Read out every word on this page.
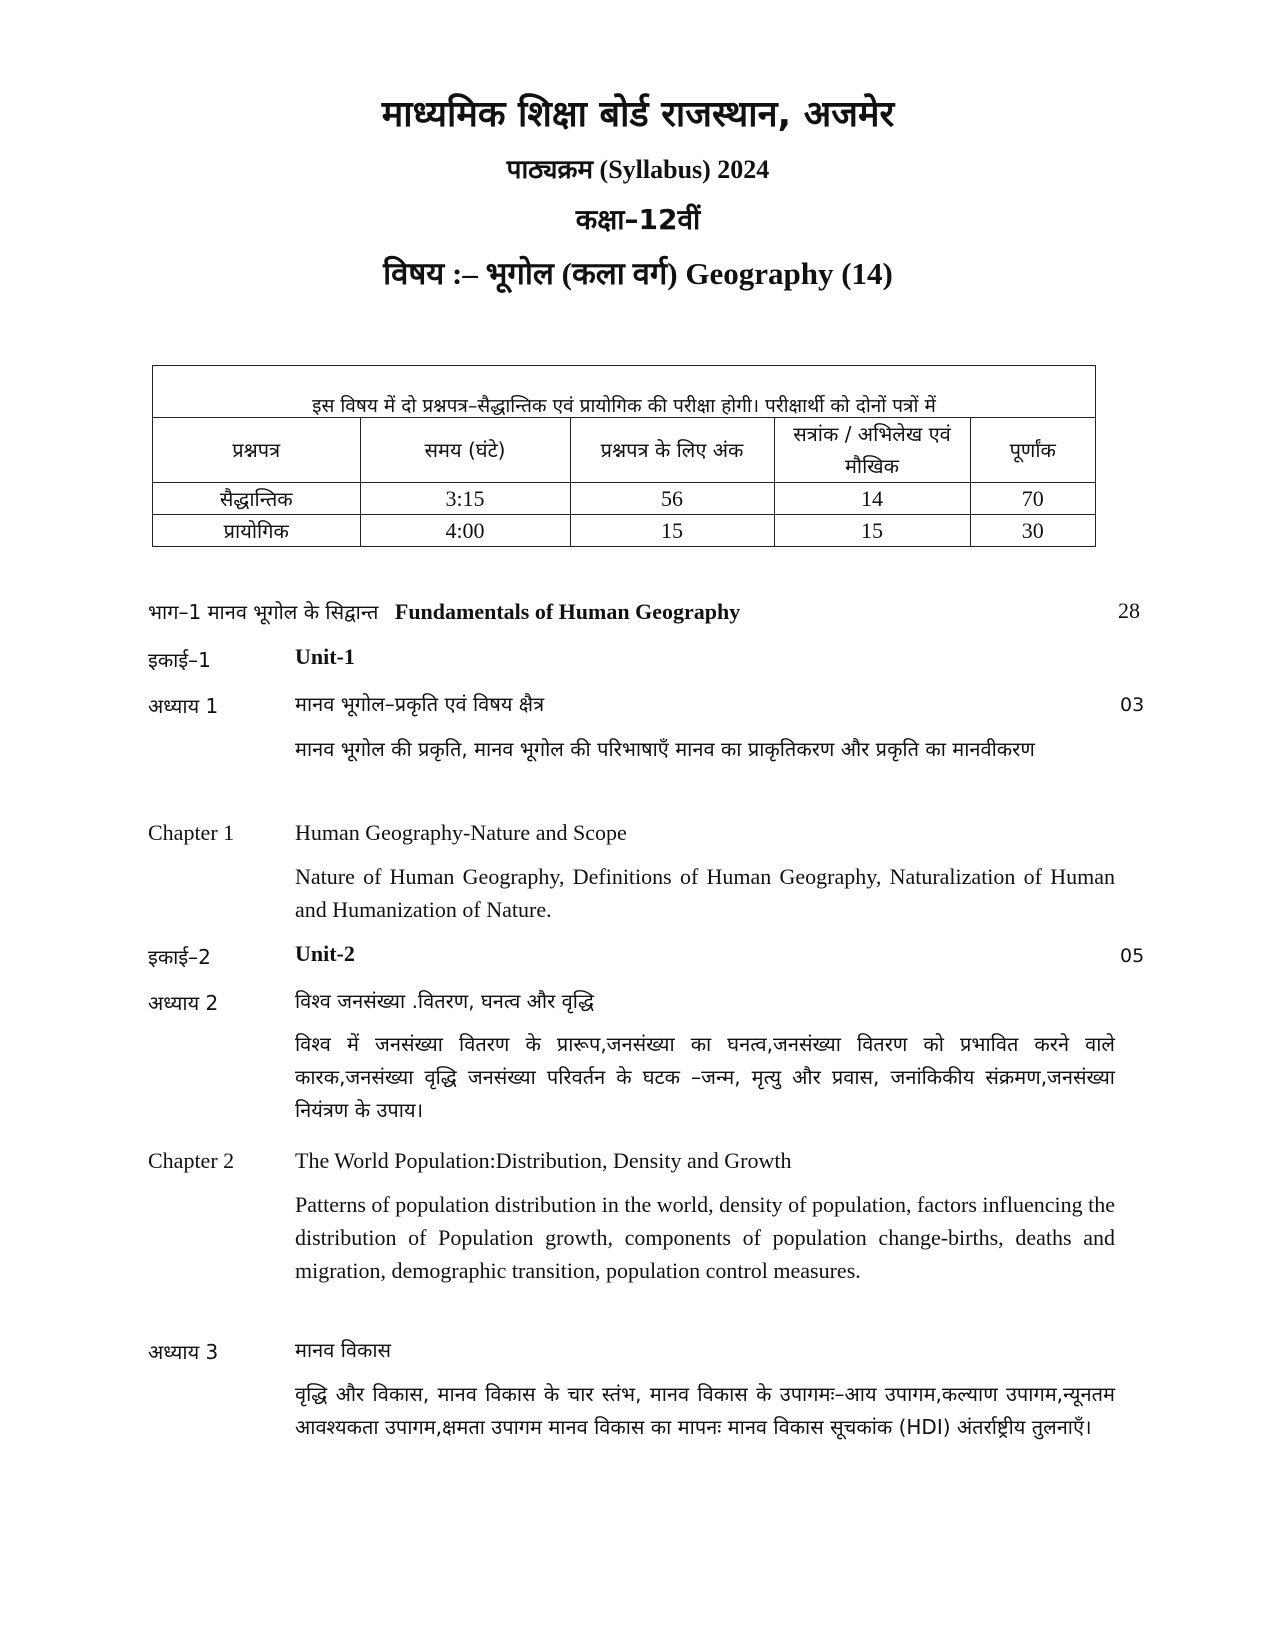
माध्यमिक शिक्षा बोर्ड राजस्थान, अजमेर
पाठ्यक्रम (Syllabus) 2024
कक्षा–12वीं
विषय :– भूगोल (कला वर्ग) Geography (14)
इस विषय में दो प्रश्नपत्र–सैद्धान्तिक एवं प्रायोगिक की परीक्षा होगी। परीक्षार्थी को दोनों पत्रों में
प्रश्नपत्र	समय (घंटे)	प्रश्नपत्र के लिए अंक	सत्रांक / अभिलेख एवं मौखिक	पूर्णांक
सैद्धान्तिक	3:15	56	14	70
प्रायोगिक	4:00	15	15	30
भाग–1 मानव भूगोल के सिद्वान्त Fundamentals of Human Geography	28
इकाई–1	Unit-1
अध्याय 1	मानव भूगोल–प्रकृति एवं विषय क्षैत्र	03
मानव भूगोल की प्रकृति, मानव भूगोल की परिभाषाएँ मानव का प्राकृतिकरण और प्रकृति का मानवीकरण
Chapter 1	Human Geography-Nature and Scope
Nature of Human Geography, Definitions of Human Geography, Naturalization of Human and Humanization of Nature.
इकाई–2	Unit-2	05
अध्याय 2	विश्व जनसंख्या .वितरण, घनत्व और वृद्धि
विश्व में जनसंख्या वितरण के प्रारूप,जनसंख्या का घनत्व,जनसंख्या वितरण को प्रभावित करने वाले कारक,जनसंख्या वृद्धि जनसंख्या परिवर्तन के घटक –जन्म, मृत्यु और प्रवास, जनांकिकीय संक्रमण,जनसंख्या नियंत्रण के उपाय।
Chapter 2	The World Population:Distribution, Density and Growth
Patterns of population distribution in the world, density of population, factors influencing the distribution of Population growth, components of population change-births, deaths and migration, demographic transition, population control measures.
अध्याय 3	मानव विकास
वृद्धि और विकास, मानव विकास के चार स्तंभ, मानव विकास के उपागमः–आय उपागम,कल्याण उपागम,न्यूनतम आवश्यकता उपागम,क्षमता उपागम मानव विकास का मापनः मानव विकास सूचकांक (HDI) अंतर्राष्ट्रीय तुलनाएँ।
